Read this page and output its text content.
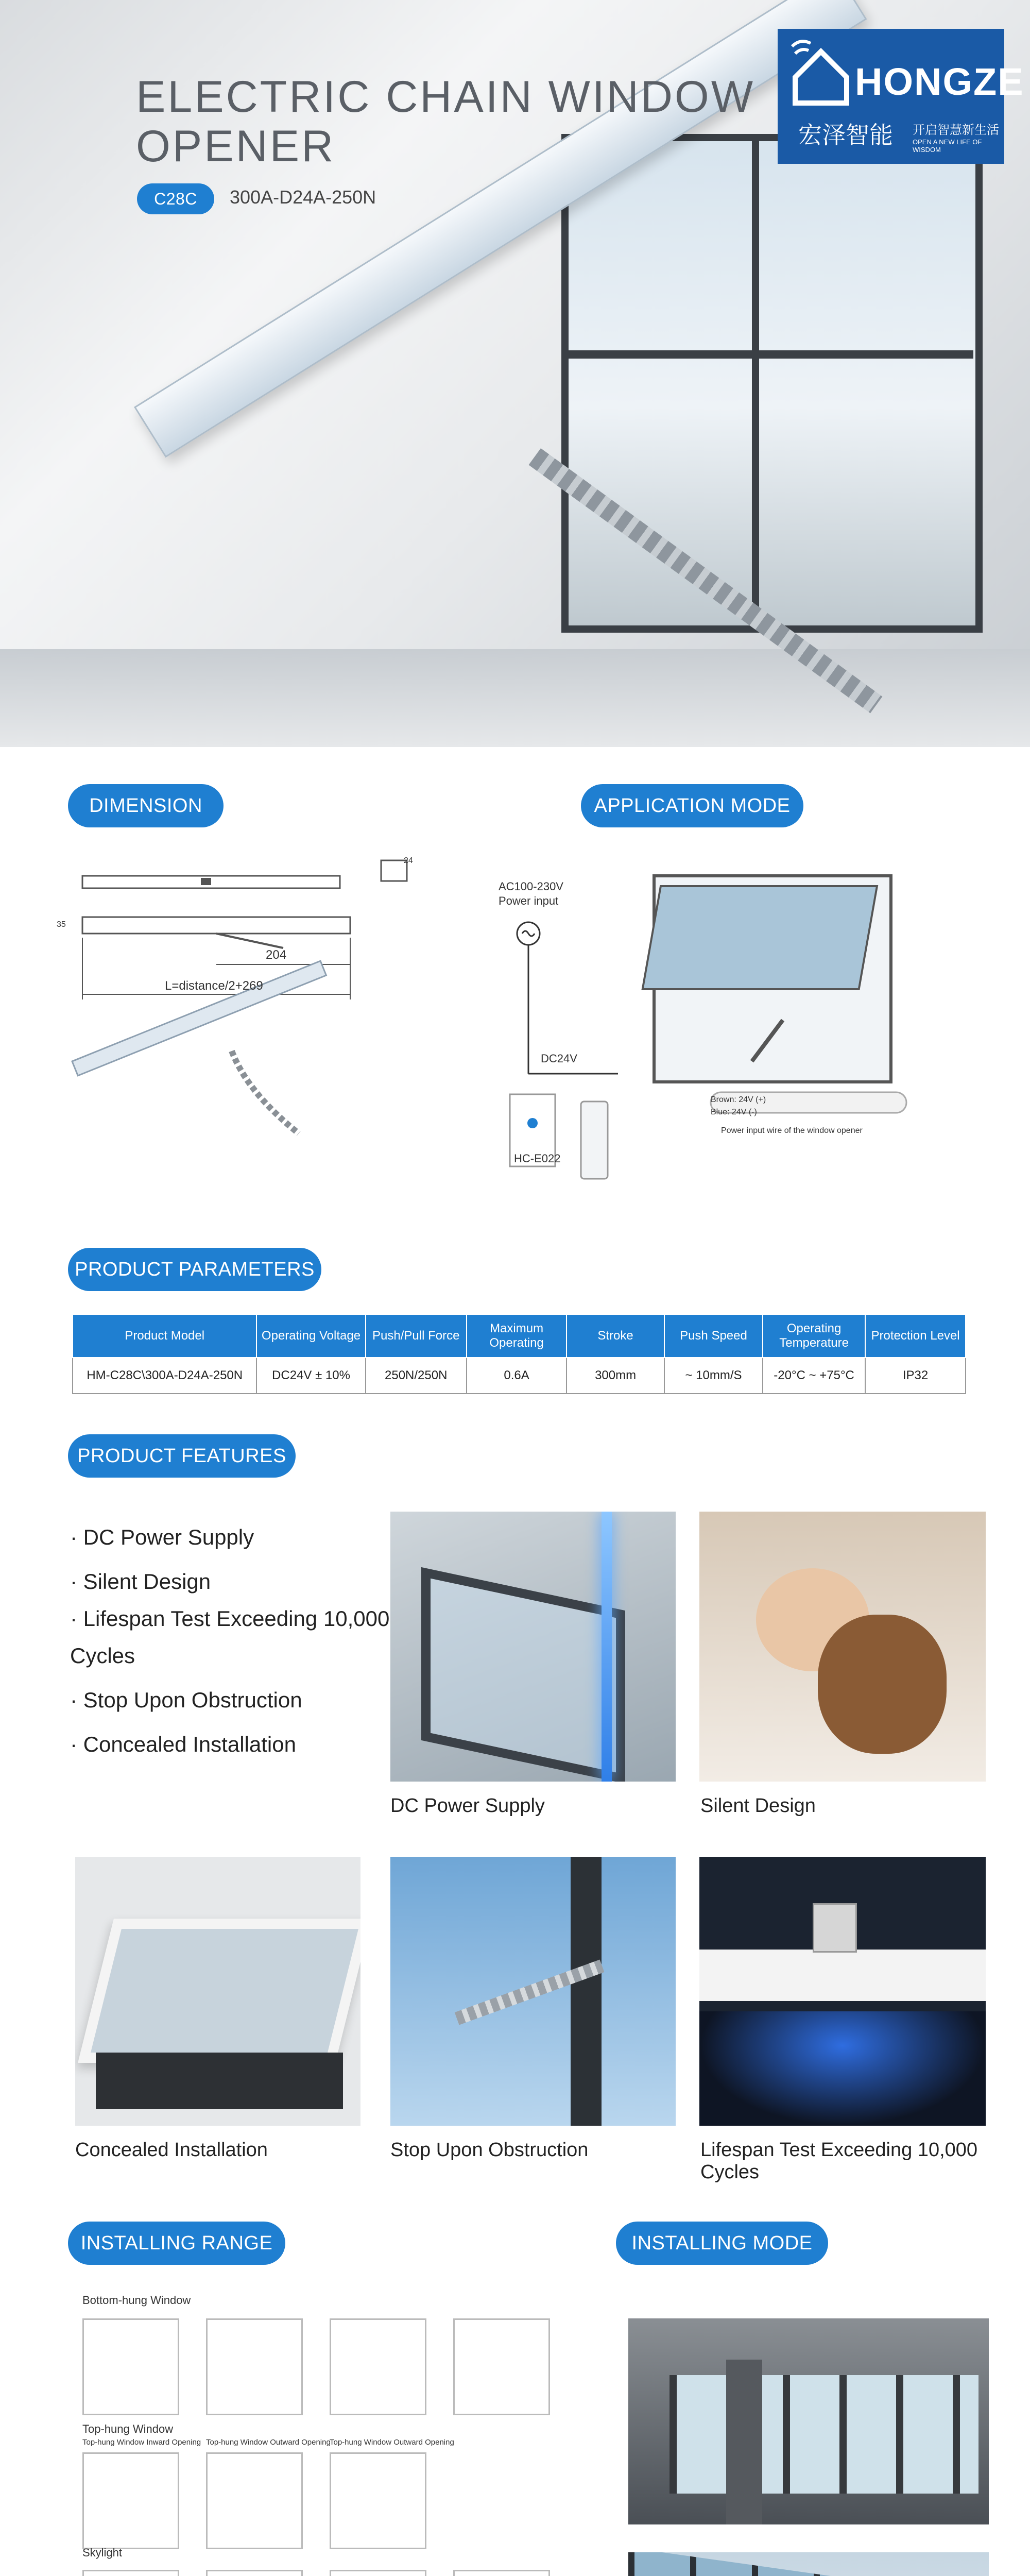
ELECTRIC CHAIN WINDOW
OPENER
C28C	300A-D24A-250N
HONGZE
宏泽智能 开启智慧新生活
OPEN A NEW LIFE OF WISDOM
DIMENSION
204
L=distance/2+269
24
35
APPLICATION MODE
AC100-230V
Power input
DC24V
HC-E022
Brown: 24V (+)
Blue: 24V (-)
Power input wire of the window opener
PRODUCT PARAMETERS
Product Model	Operating Voltage	Push/Pull Force	Maximum Operating	Stroke	Push Speed	Operating Temperature	Protection Level
HM-C28C\300A-D24A-250N	DC24V ± 10%	250N/250N	0.6A	300mm	~ 10mm/S	-20°C ~ +75°C	IP32
PRODUCT FEATURES
· DC Power Supply
· Silent Design
· Lifespan Test Exceeding 10,000
Cycles
· Stop Upon Obstruction
· Concealed Installation
DC Power Supply	Silent Design
Concealed Installation	Stop Upon Obstruction	Lifespan Test Exceeding 10,000 Cycles
INSTALLING RANGE	INSTALLING MODE
Bottom-hung Window
Top-hung Window
Top-hung Window Inward Opening Top-hung Window Outward Opening
Top-hung Window Outward Opening
Skylight
